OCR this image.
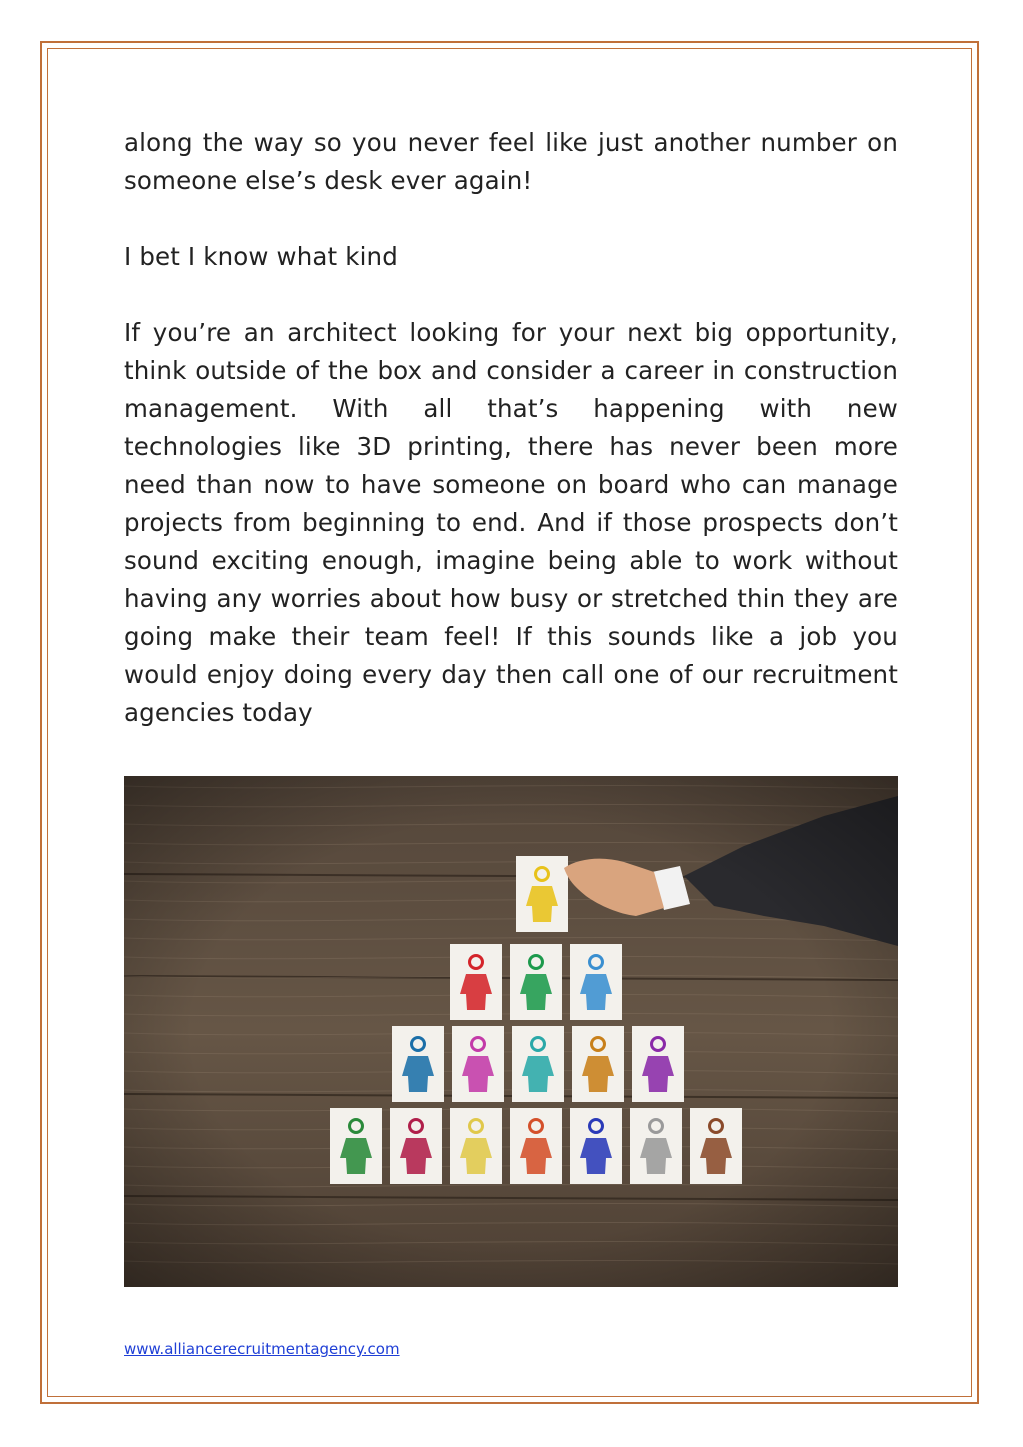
along the way so you never feel like just another number on someone else’s desk ever again!

I bet I know what kind

If you’re an architect looking for your next big opportunity, think outside of the box and consider a career in construction management. With all that’s happening with new technologies like 3D printing, there has never been more need than now to have someone on board who can manage projects from beginning to end. And if those prospects don’t sound exciting enough, imagine being able to work without having any worries about how busy or stretched thin they are going make their team feel! If this sounds like a job you would enjoy doing every day then call one of our recruitment agencies today

www.alliancerecruitmentagency.com
